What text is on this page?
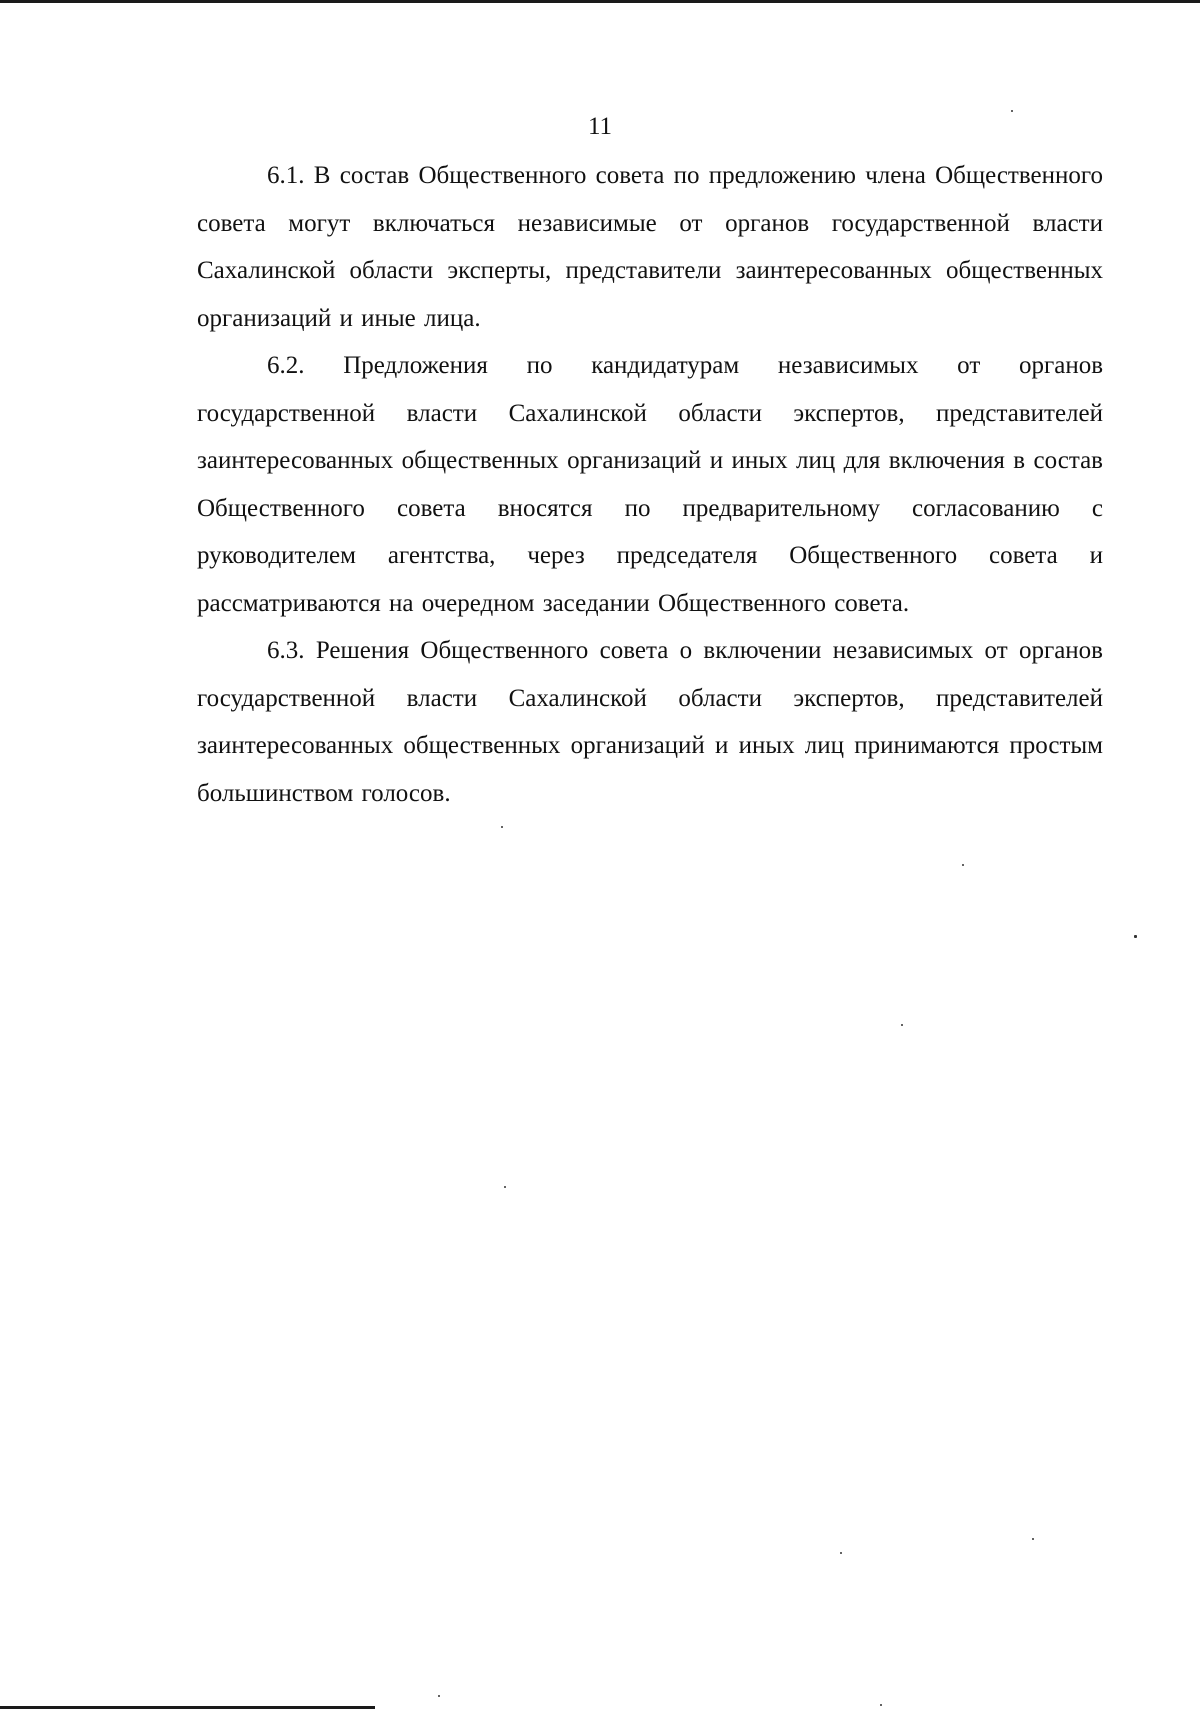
11

6.1. В состав Общественного совета по предложению члена Общественного совета могут включаться независимые от органов государственной власти Сахалинской области эксперты, представители заинтересованных общественных организаций и иные лица.

6.2. Предложения по кандидатурам независимых от органов государственной власти Сахалинской области экспертов, представителей заинтересованных общественных организаций и иных лиц для включения в состав Общественного совета вносятся по предварительному согласованию с руководителем агентства, через председателя Общественного совета и рассматриваются на очередном заседании Общественного совета.

6.3. Решения Общественного совета о включении независимых от органов государственной власти Сахалинской области экспертов, представителей заинтересованных общественных организаций и иных лиц принимаются простым большинством голосов.
